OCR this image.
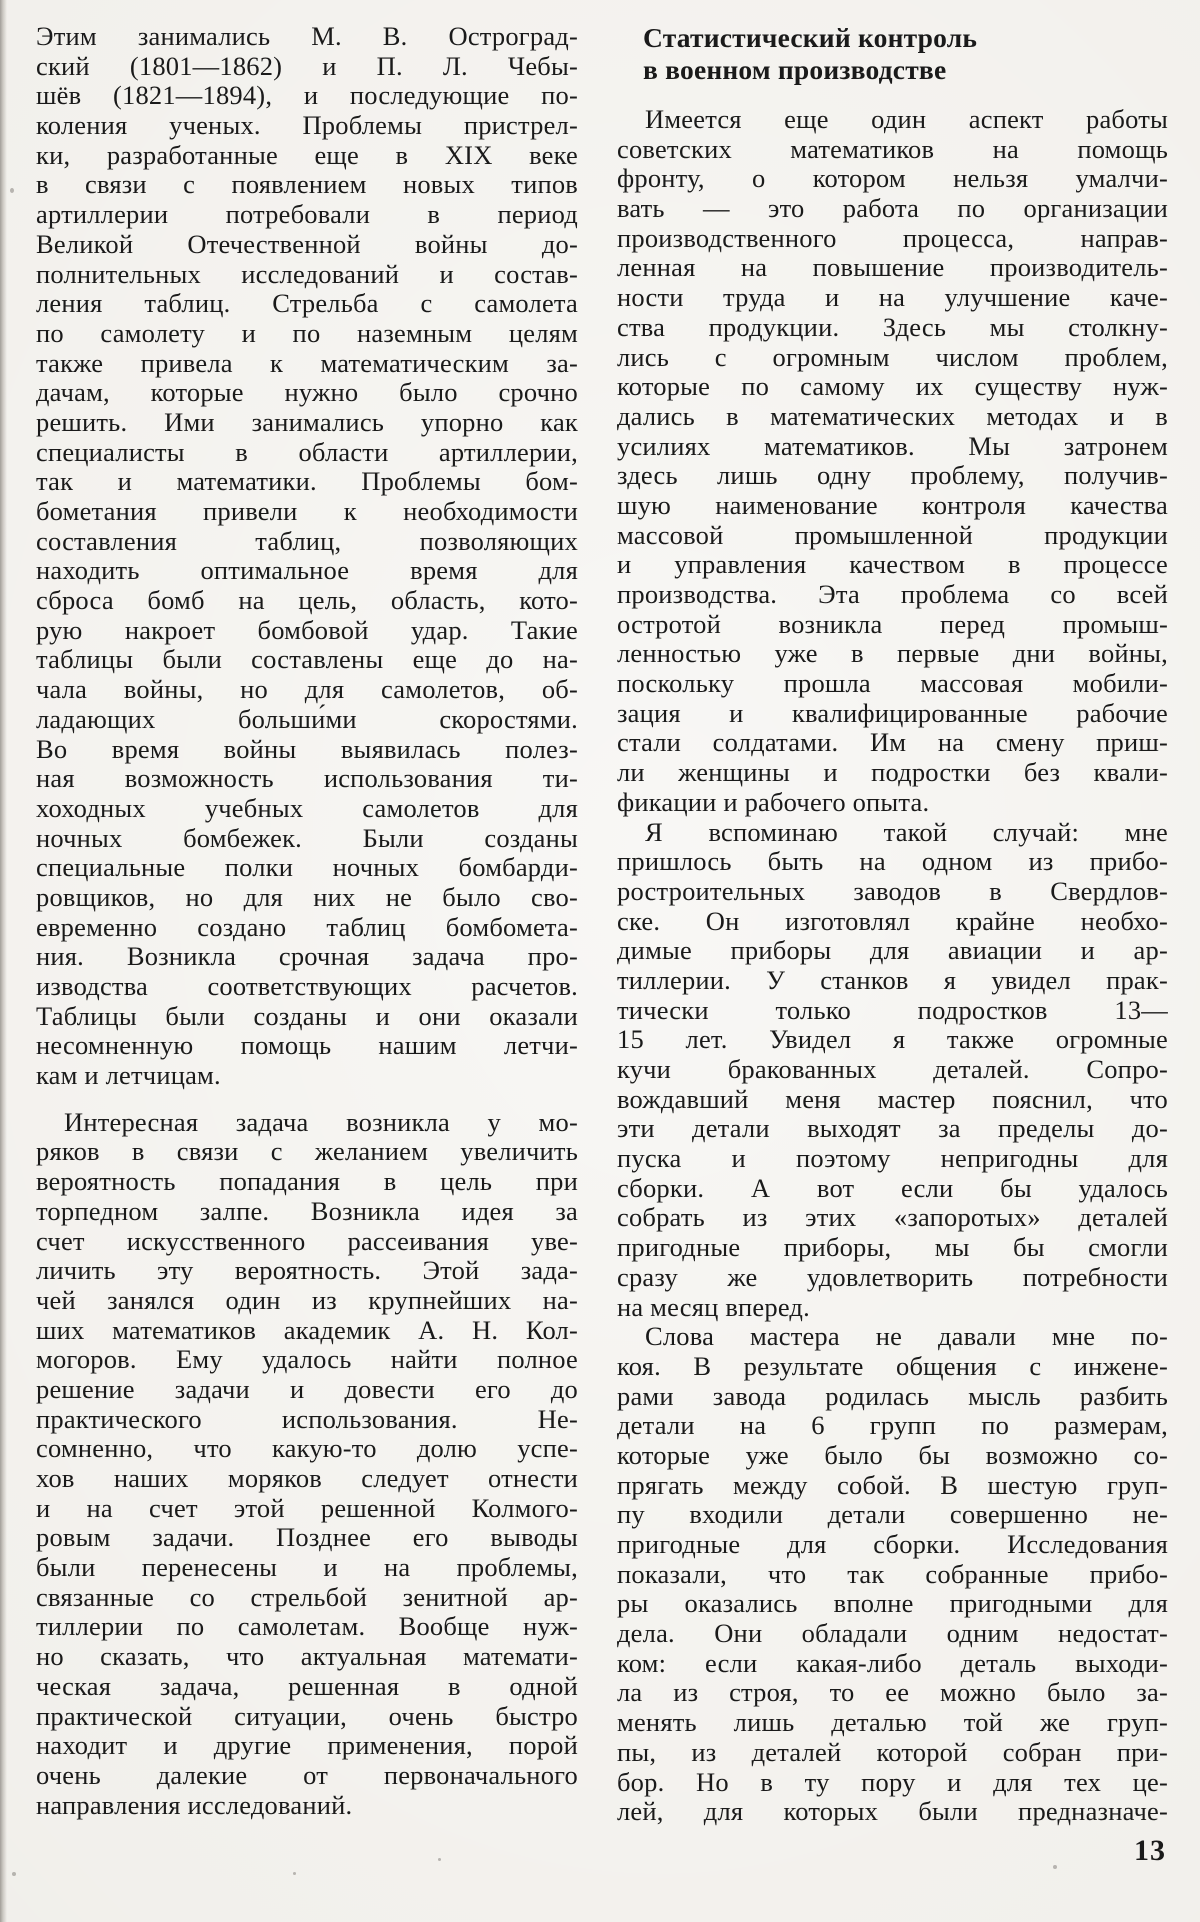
Этим занимались М. В. Остроград-
ский (1801—1862) и П. Л. Чебы-
шёв (1821—1894), и последующие по-
коления ученых. Проблемы пристрел-
ки, разработанные еще в XIX веке
в связи с появлением новых типов
артиллерии потребовали в период
Великой Отечественной войны до-
полнительных исследований и состав-
ления таблиц. Стрельба с самолета
по самолету и по наземным целям
также привела к математическим за-
дачам, которые нужно было срочно
решить. Ими занимались упорно как
специалисты в области артиллерии,
так и математики. Проблемы бом-
бометания привели к необходимости
составления таблиц, позволяющих
находить оптимальное время для
сброса бомб на цель, область, кото-
рую накроет бомбовой удар. Такие
таблицы были составлены еще до на-
чала войны, но для самолетов, об-
ладающих больши́ми скоростями.
Во время войны выявилась полез-
ная возможность использования ти-
хоходных учебных самолетов для
ночных бомбежек. Были созданы
специальные полки ночных бомбарди-
ровщиков, но для них не было сво-
евременно создано таблиц бомбомета-
ния. Возникла срочная задача про-
изводства соответствующих расчетов.
Таблицы были созданы и они оказали
несомненную помощь нашим летчи-
кам и летчицам.
Интересная задача возникла у мо-
ряков в связи с желанием увеличить
вероятность попадания в цель при
торпедном залпе. Возникла идея за
счет искусственного рассеивания уве-
личить эту вероятность. Этой зада-
чей занялся один из крупнейших на-
ших математиков академик А. Н. Кол-
могоров. Ему удалось найти полное
решение задачи и довести его до
практического использования. Не-
сомненно, что какую-то долю успе-
хов наших моряков следует отнести
и на счет этой решенной Колмого-
ровым задачи. Позднее его выводы
были перенесены и на проблемы,
связанные со стрельбой зенитной ар-
тиллерии по самолетам. Вообще нуж-
но сказать, что актуальная математи-
ческая задача, решенная в одной
практической ситуации, очень быстро
находит и другие применения, порой
очень далекие от первоначального
направления исследований.
Статистический контроль
в военном производстве
Имеется еще один аспект работы
советских математиков на помощь
фронту, о котором нельзя умалчи-
вать — это работа по организации
производственного процесса, направ-
ленная на повышение производитель-
ности труда и на улучшение каче-
ства продукции. Здесь мы столкну-
лись с огромным числом проблем,
которые по самому их существу нуж-
дались в математических методах и в
усилиях математиков. Мы затронем
здесь лишь одну проблему, получив-
шую наименование контроля качества
массовой промышленной продукции
и управления качеством в процессе
производства. Эта проблема со всей
остротой возникла перед промыш-
ленностью уже в первые дни войны,
поскольку прошла массовая мобили-
зация и квалифицированные рабочие
стали солдатами. Им на смену приш-
ли женщины и подростки без квали-
фикации и рабочего опыта.
Я вспоминаю такой случай: мне
пришлось быть на одном из прибо-
ростроительных заводов в Свердлов-
ске. Он изготовлял крайне необхо-
димые приборы для авиации и ар-
тиллерии. У станков я увидел прак-
тически только подростков 13—
15 лет. Увидел я также огромные
кучи бракованных деталей. Сопро-
вождавший меня мастер пояснил, что
эти детали выходят за пределы до-
пуска и поэтому непригодны для
сборки. А вот если бы удалось
собрать из этих «запоротых» деталей
пригодные приборы, мы бы смогли
сразу же удовлетворить потребности
на месяц вперед.
Слова мастера не давали мне по-
коя. В результате общения с инжене-
рами завода родилась мысль разбить
детали на 6 групп по размерам,
которые уже было бы возможно со-
прягать между собой. В шестую груп-
пу входили детали совершенно не-
пригодные для сборки. Исследования
показали, что так собранные прибо-
ры оказались вполне пригодными для
дела. Они обладали одним недостат-
ком: если какая-либо деталь выходи-
ла из строя, то ее можно было за-
менять лишь деталью той же груп-
пы, из деталей которой собран при-
бор. Но в ту пору и для тех це-
лей, для которых были предназначе-
13
